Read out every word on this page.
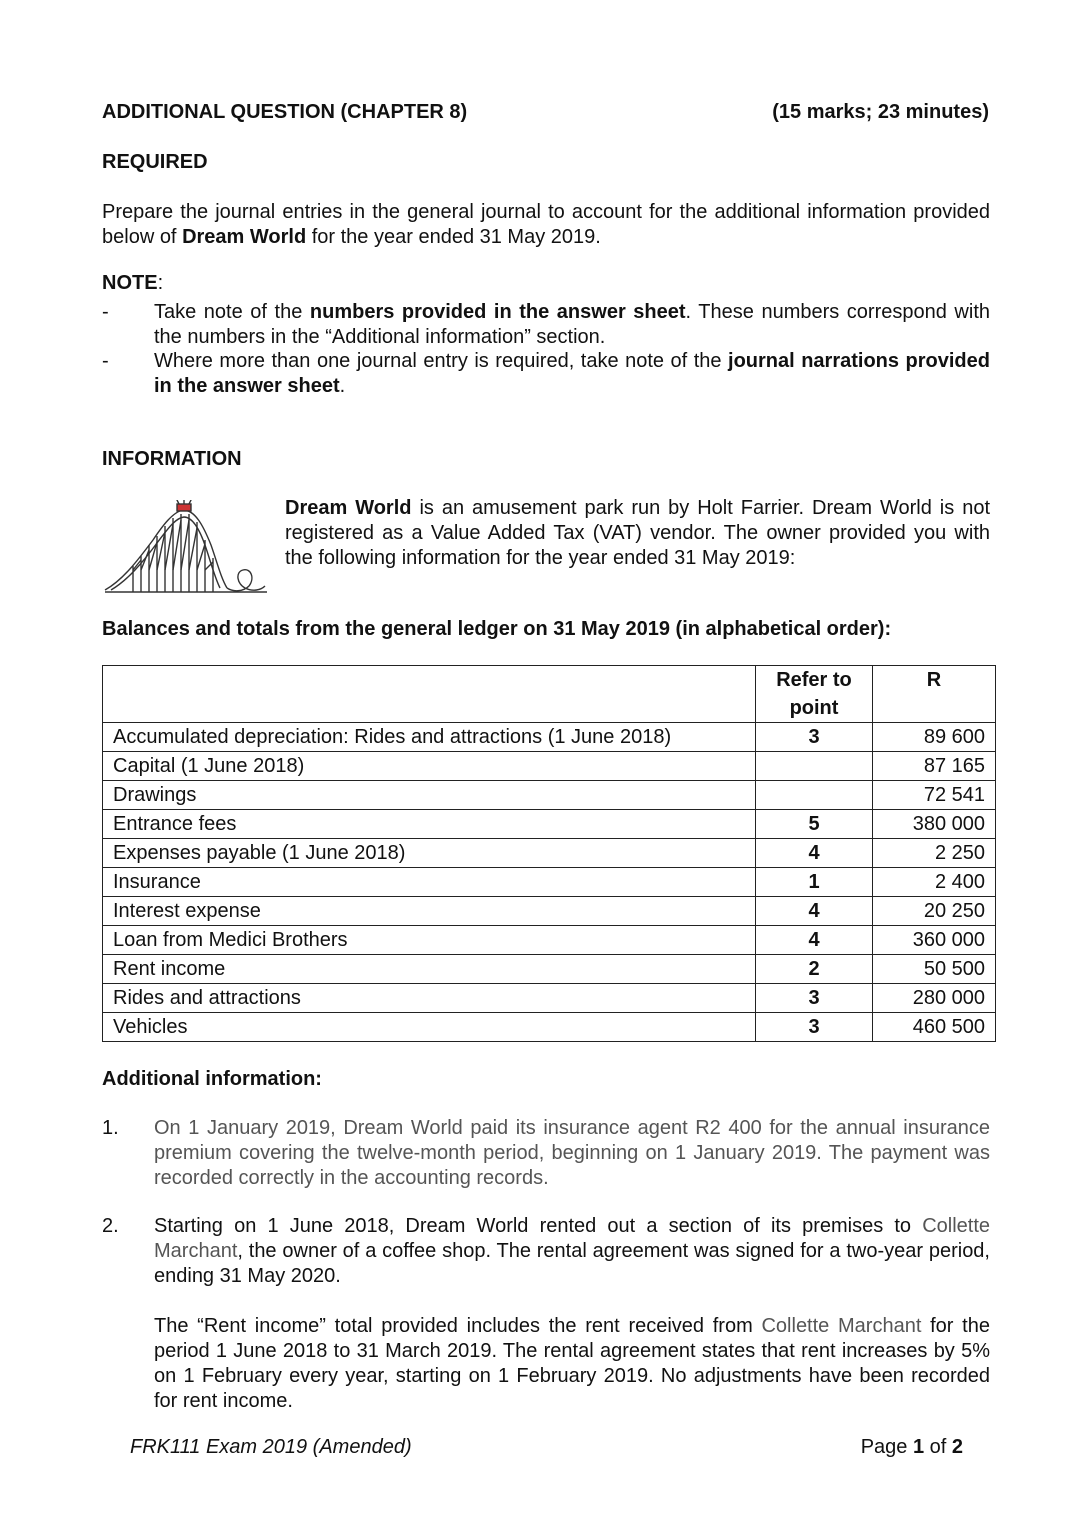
ADDITIONAL QUESTION (CHAPTER 8)	(15 marks; 23 minutes)
REQUIRED
Prepare the journal entries in the general journal to account for the additional information provided below of Dream World for the year ended 31 May 2019.
NOTE:
- Take note of the numbers provided in the answer sheet. These numbers correspond with the numbers in the “Additional information” section.
- Where more than one journal entry is required, take note of the journal narrations provided in the answer sheet.
INFORMATION
Dream World is an amusement park run by Holt Farrier. Dream World is not registered as a Value Added Tax (VAT) vendor. The owner provided you with the following information for the year ended 31 May 2019:
Balances and totals from the general ledger on 31 May 2019 (in alphabetical order):
	Refer to point	R
Accumulated depreciation: Rides and attractions (1 June 2018)	3	89 600
Capital (1 June 2018)		87 165
Drawings		72 541
Entrance fees	5	380 000
Expenses payable (1 June 2018)	4	2 250
Insurance	1	2 400
Interest expense	4	20 250
Loan from Medici Brothers	4	360 000
Rent income	2	50 500
Rides and attractions	3	280 000
Vehicles	3	460 500
Additional information:
1. On 1 January 2019, Dream World paid its insurance agent R2 400 for the annual insurance premium covering the twelve-month period, beginning on 1 January 2019. The payment was recorded correctly in the accounting records.
2. Starting on 1 June 2018, Dream World rented out a section of its premises to Collette Marchant, the owner of a coffee shop. The rental agreement was signed for a two-year period, ending 31 May 2020.
The “Rent income” total provided includes the rent received from Collette Marchant for the period 1 June 2018 to 31 March 2019. The rental agreement states that rent increases by 5% on 1 February every year, starting on 1 February 2019. No adjustments have been recorded for rent income.
FRK111 Exam 2019 (Amended)	Page 1 of 2
